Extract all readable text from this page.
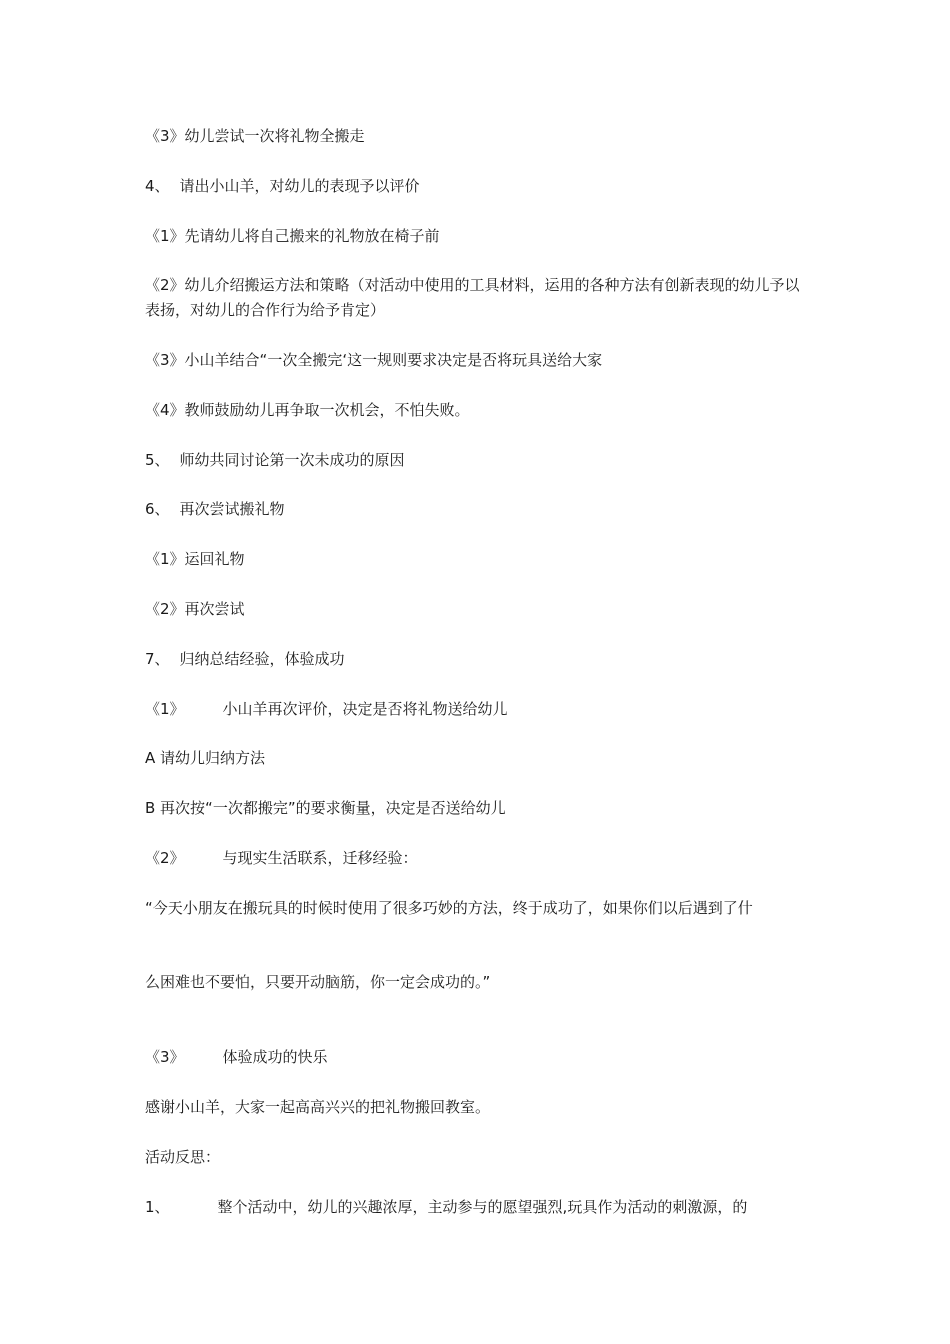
《3》幼儿尝试一次将礼物全搬走
4、 请出小山羊，对幼儿的表现予以评价
《1》先请幼儿将自己搬来的礼物放在椅子前
《2》幼儿介绍搬运方法和策略（对活动中使用的工具材料，运用的各种方法有创新表现的幼儿予以表扬，对幼儿的合作行为给予肯定）
《3》小山羊结合“一次全搬完‘这一规则要求决定是否将玩具送给大家
《4》教师鼓励幼儿再争取一次机会，不怕失败。
5、 师幼共同讨论第一次未成功的原因
6、 再次尝试搬礼物
《1》运回礼物
《2》再次尝试
7、 归纳总结经验，体验成功
《1》	小山羊再次评价，决定是否将礼物送给幼儿
A 请幼儿归纳方法
B 再次按“一次都搬完”的要求衡量，决定是否送给幼儿
《2》	与现实生活联系，迁移经验：
“今天小朋友在搬玩具的时候时使用了很多巧妙的方法，终于成功了，如果你们以后遇到了什
么困难也不要怕，只要开动脑筋，你一定会成功的。”
《3》	体验成功的快乐
感谢小山羊，大家一起高高兴兴的把礼物搬回教室。
活动反思：
1、	整个活动中，幼儿的兴趣浓厚，主动参与的愿望强烈,玩具作为活动的刺激源，的
